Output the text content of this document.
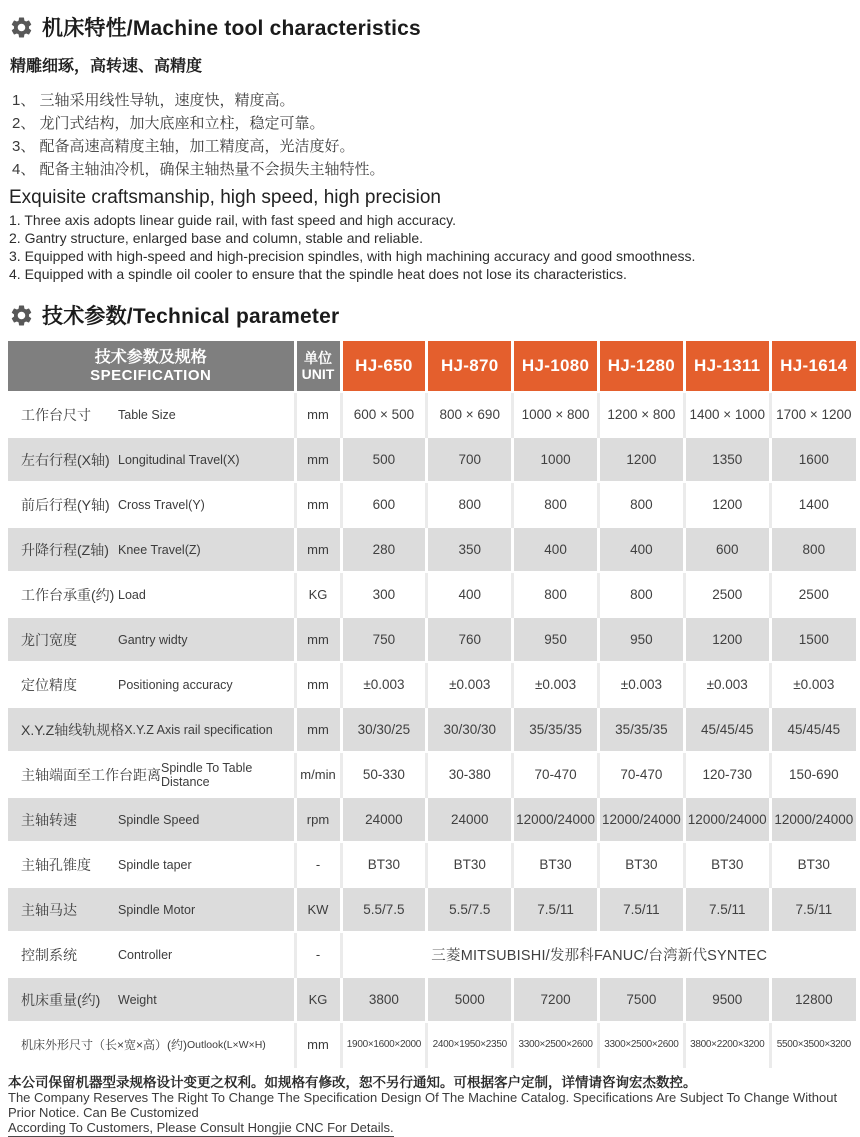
机床特性/Machine tool characteristics
精雕细琢，高转速、高精度
1、 三轴采用线性导轨，速度快，精度高。
2、 龙门式结构，加大底座和立柱，稳定可靠。
3、 配备高速高精度主轴，加工精度高，光洁度好。
4、 配备主轴油冷机，确保主轴热量不会损失主轴特性。
Exquisite craftsmanship, high speed, high precision
1. Three axis adopts linear guide rail, with fast speed and high accuracy.
2. Gantry structure, enlarged base and column, stable and reliable.
3. Equipped with high-speed and high-precision spindles, with high machining accuracy and good smoothness.
4. Equipped with a spindle oil cooler to ensure that the spindle heat does not lose its characteristics.
技术参数/Technical parameter
技术参数及规格
SPECIFICATION

单位
UNIT	HJ-650	HJ-870	HJ-1080	HJ-1280	HJ-1311	HJ-1614

工作台尺寸 Table Size	mm	600 × 500	800 × 690	1000 × 800	1200 × 800	1400 × 1000	1700 × 1200

左右行程(X轴) Longitudinal Travel(X)	mm	500	700	1000	1200	1350	1600

前后行程(Y轴) Cross Travel(Y)	mm	600	800	800	800	1200	1400

升降行程(Z轴) Knee Travel(Z)	mm	280	350	400	400	600	800

工作台承重(约) Load	KG	300	400	800	800	2500	2500

龙门宽度 Gantry widty	mm	750	760	950	950	1200	1500

定位精度 Positioning accuracy	mm	±0.003	±0.003	±0.003	±0.003	±0.003	±0.003

X.Y.Z轴线轨规格 X.Y.Z Axis rail specification	mm	30/30/25	30/30/30	35/35/35	35/35/35	45/45/45	45/45/45

主轴端面至工作台距离 Spindle To Table Distance	m/min	50-330	30-380	70-470	70-470	120-730	150-690

主轴转速 Spindle Speed	rpm	24000	24000	12000/24000	12000/24000	12000/24000	12000/24000

主轴孔锥度 Spindle taper	-	BT30	BT30	BT30	BT30	BT30	BT30

主轴马达 Spindle Motor	KW	5.5/7.5	5.5/7.5	7.5/11	7.5/11	7.5/11	7.5/11

控制系统 Controller	-	三菱MITSUBISHI/发那科FANUC/台湾新代SYNTEC					

机床重量(约) Weight	KG	3800	5000	7200	7500	9500	12800

机床外形尺寸（长×宽×高）(约) Outlook(L×W×H)	mm	1900×1600×2000	2400×1950×2350	3300×2500×2600	3300×2500×2600	3800×2200×3200	5500×3500×3200
本公司保留机器型录规格设计变更之权利。如规格有修改，恕不另行通知。可根据客户定制，详情请咨询宏杰数控。
The Company Reserves The Right To Change The Specification Design Of The Machine Catalog. Specifications Are Subject To Change Without Prior Notice. Can Be Customized
According To Customers, Please Consult Hongjie CNC For Details.
